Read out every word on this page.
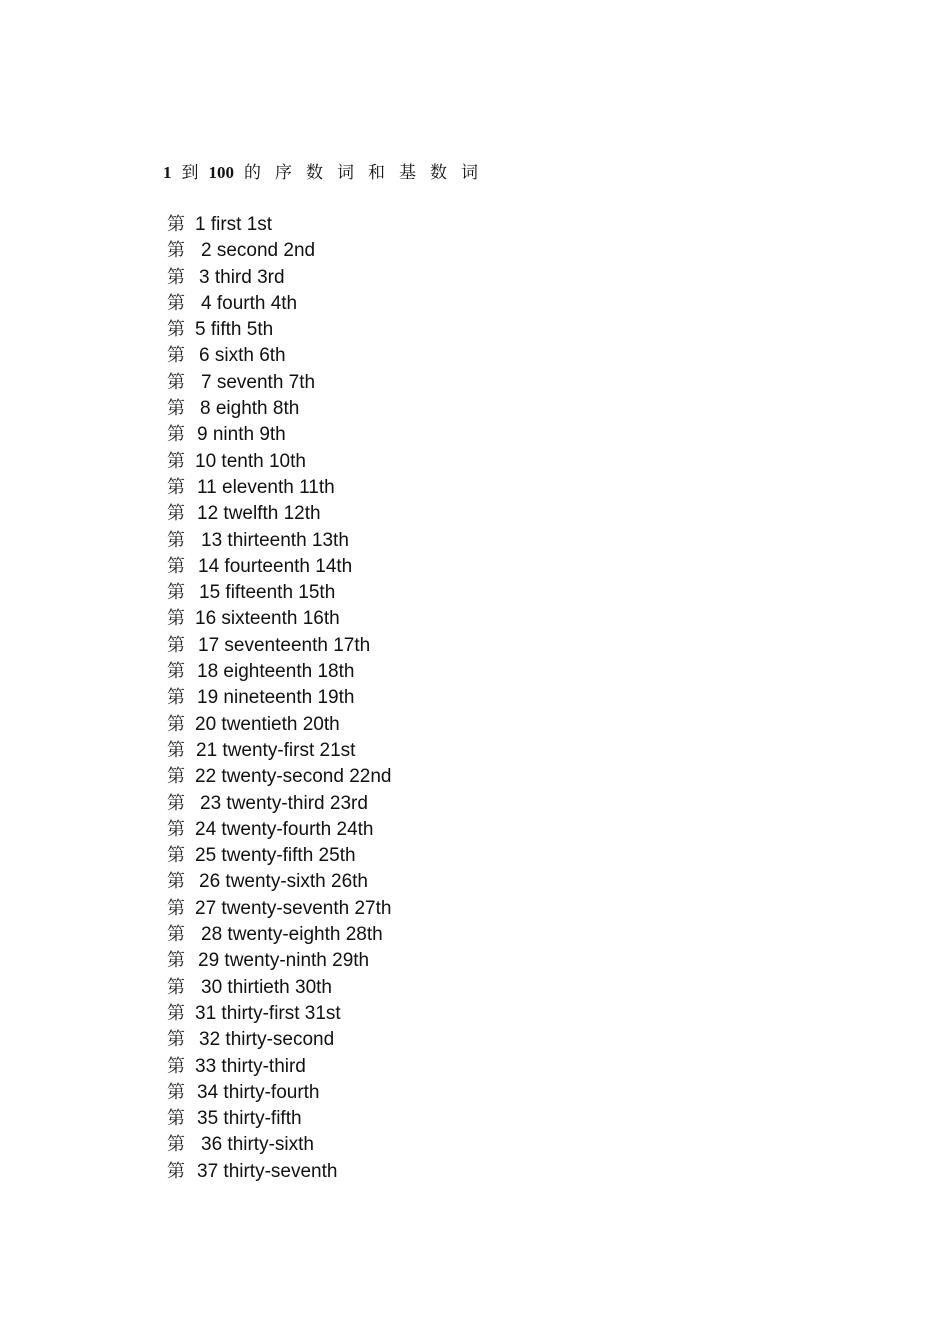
1 到 100 的序数词和基数词
第 1 first 1st
第 2 second 2nd
第 3 third 3rd
第 4 fourth 4th
第 5 fifth 5th
第 6 sixth 6th
第 7 seventh 7th
第 8 eighth 8th
第 9 ninth 9th
第 10 tenth 10th
第 11 eleventh 11th
第 12 twelfth 12th
第 13 thirteenth 13th
第 14 fourteenth 14th
第 15 fifteenth 15th
第 16 sixteenth 16th
第 17 seventeenth 17th
第 18 eighteenth 18th
第 19 nineteenth 19th
第 20 twentieth 20th
第 21 twenty-first 21st
第 22 twenty-second 22nd
第 23 twenty-third 23rd
第 24 twenty-fourth 24th
第 25 twenty-fifth 25th
第 26 twenty-sixth 26th
第 27 twenty-seventh 27th
第 28 twenty-eighth 28th
第 29 twenty-ninth 29th
第 30 thirtieth 30th
第 31 thirty-first 31st
第 32 thirty-second
第 33 thirty-third
第 34 thirty-fourth
第 35 thirty-fifth
第 36 thirty-sixth
第 37 thirty-seventh
